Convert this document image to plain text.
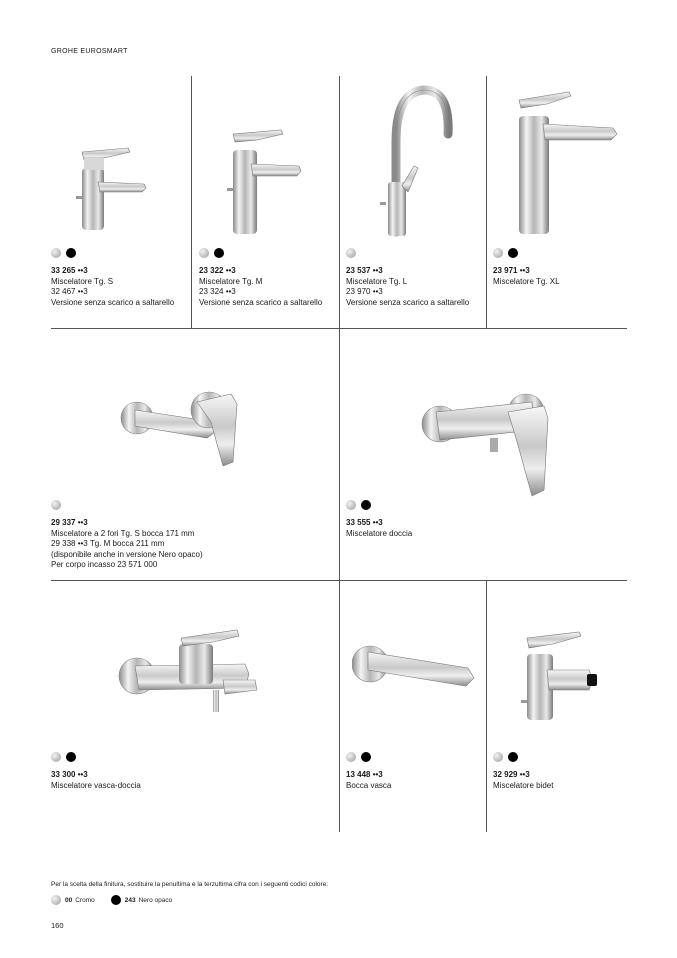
GROHE EUROSMART
33 265 ••3
Miscelatore Tg. S
32 467 ••3
Versione senza scarico a saltarello
23 322 ••3
Miscelatore Tg. M
23 324 ••3
Versione senza scarico a saltarello
23 537 ••3
Miscelatore Tg. L
23 970 ••3
Versione senza scarico a saltarello
23 971 ••3
Miscelatore Tg. XL
29 337 ••3
Miscelatore a 2 fori Tg. S bocca 171 mm
29 338 ••3 Tg. M bocca 211 mm
(disponibile anche in versione Nero opaco)
Per corpo incasso 23 571 000
33 555 ••3
Miscelatore doccia
33 300 ••3
Miscelatore vasca-doccia
13 448 ••3
Bocca vasca
32 929 ••3
Miscelatore bidet
Per la scelta della finitura, sostituire la penultima e la terzultima cifra con i seguenti codici colore:
00 Cromo	243 Nero opaco
160
